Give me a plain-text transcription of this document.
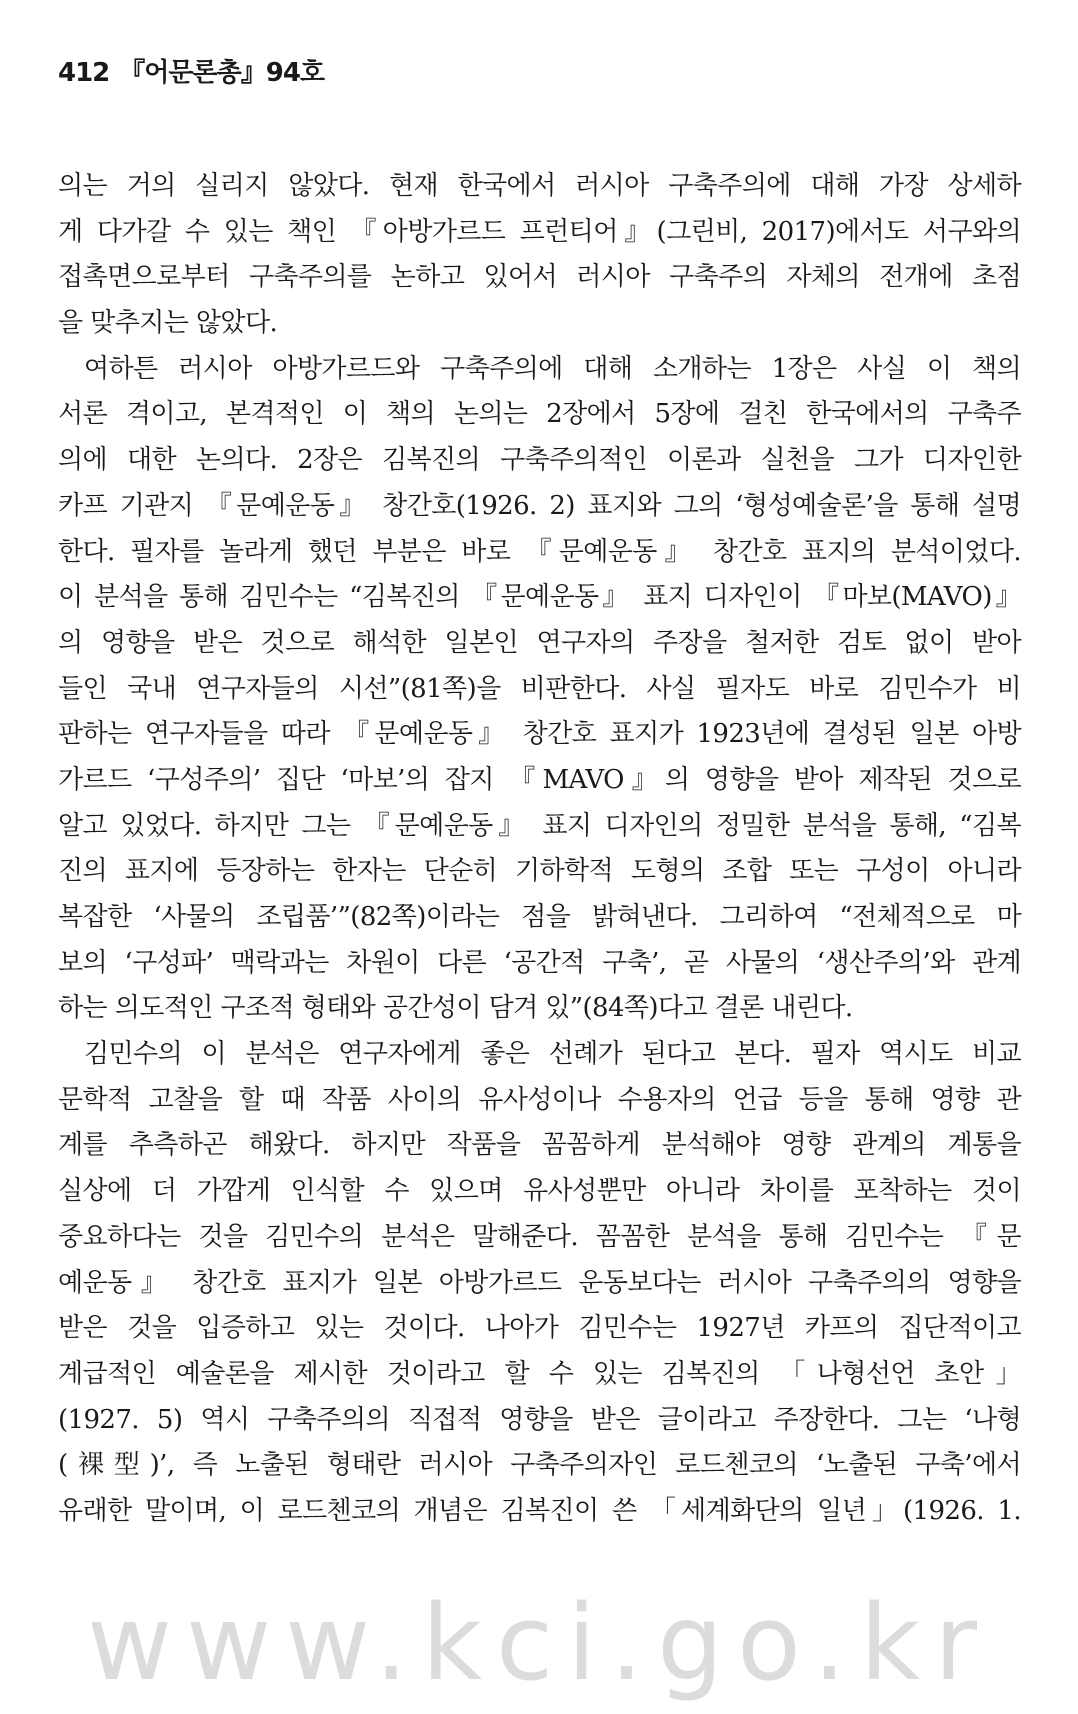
412 『어문론총』94호
의는 거의 실리지 않았다. 현재 한국에서 러시아 구축주의에 대해 가장 상세하
게 다가갈 수 있는 책인 『아방가르드 프런티어』(그린비, 2017)에서도 서구와의
접촉면으로부터 구축주의를 논하고 있어서 러시아 구축주의 자체의 전개에 초점
을 맞추지는 않았다.
여하튼 러시아 아방가르드와 구축주의에 대해 소개하는 1장은 사실 이 책의
서론 격이고, 본격적인 이 책의 논의는 2장에서 5장에 걸친 한국에서의 구축주
의에 대한 논의다. 2장은 김복진의 구축주의적인 이론과 실천을 그가 디자인한
카프 기관지 『문예운동』 창간호(1926. 2) 표지와 그의 ‘형성예술론’을 통해 설명
한다. 필자를 놀라게 했던 부분은 바로 『문예운동』 창간호 표지의 분석이었다.
이 분석을 통해 김민수는 “김복진의 『문예운동』 표지 디자인이 『마보(MAVO)』
의 영향을 받은 것으로 해석한 일본인 연구자의 주장을 철저한 검토 없이 받아
들인 국내 연구자들의 시선”(81쪽)을 비판한다. 사실 필자도 바로 김민수가 비
판하는 연구자들을 따라 『문예운동』 창간호 표지가 1923년에 결성된 일본 아방
가르드 ‘구성주의’ 집단 ‘마보’의 잡지 『MAVO』의 영향을 받아 제작된 것으로
알고 있었다. 하지만 그는 『문예운동』 표지 디자인의 정밀한 분석을 통해, “김복
진의 표지에 등장하는 한자는 단순히 기하학적 도형의 조합 또는 구성이 아니라
복잡한 ‘사물의 조립품’”(82쪽)이라는 점을 밝혀낸다. 그리하여 “전체적으로 마
보의 ‘구성파’ 맥락과는 차원이 다른 ‘공간적 구축’, 곧 사물의 ‘생산주의’와 관계
하는 의도적인 구조적 형태와 공간성이 담겨 있”(84쪽)다고 결론 내린다.
김민수의 이 분석은 연구자에게 좋은 선례가 된다고 본다. 필자 역시도 비교
문학적 고찰을 할 때 작품 사이의 유사성이나 수용자의 언급 등을 통해 영향 관
계를 추측하곤 해왔다. 하지만 작품을 꼼꼼하게 분석해야 영향 관계의 계통을
실상에 더 가깝게 인식할 수 있으며 유사성뿐만 아니라 차이를 포착하는 것이
중요하다는 것을 김민수의 분석은 말해준다. 꼼꼼한 분석을 통해 김민수는 『문
예운동』 창간호 표지가 일본 아방가르드 운동보다는 러시아 구축주의의 영향을
받은 것을 입증하고 있는 것이다. 나아가 김민수는 1927년 카프의 집단적이고
계급적인 예술론을 제시한 것이라고 할 수 있는 김복진의 「나형선언 초안」
(1927. 5) 역시 구축주의의 직접적 영향을 받은 글이라고 주장한다. 그는 ‘나형
(裸型)’, 즉 노출된 형태란 러시아 구축주의자인 로드첸코의 ‘노출된 구축’에서
유래한 말이며, 이 로드첸코의 개념은 김복진이 쓴 「세계화단의 일년」(1926. 1.
www.kci.go.kr
